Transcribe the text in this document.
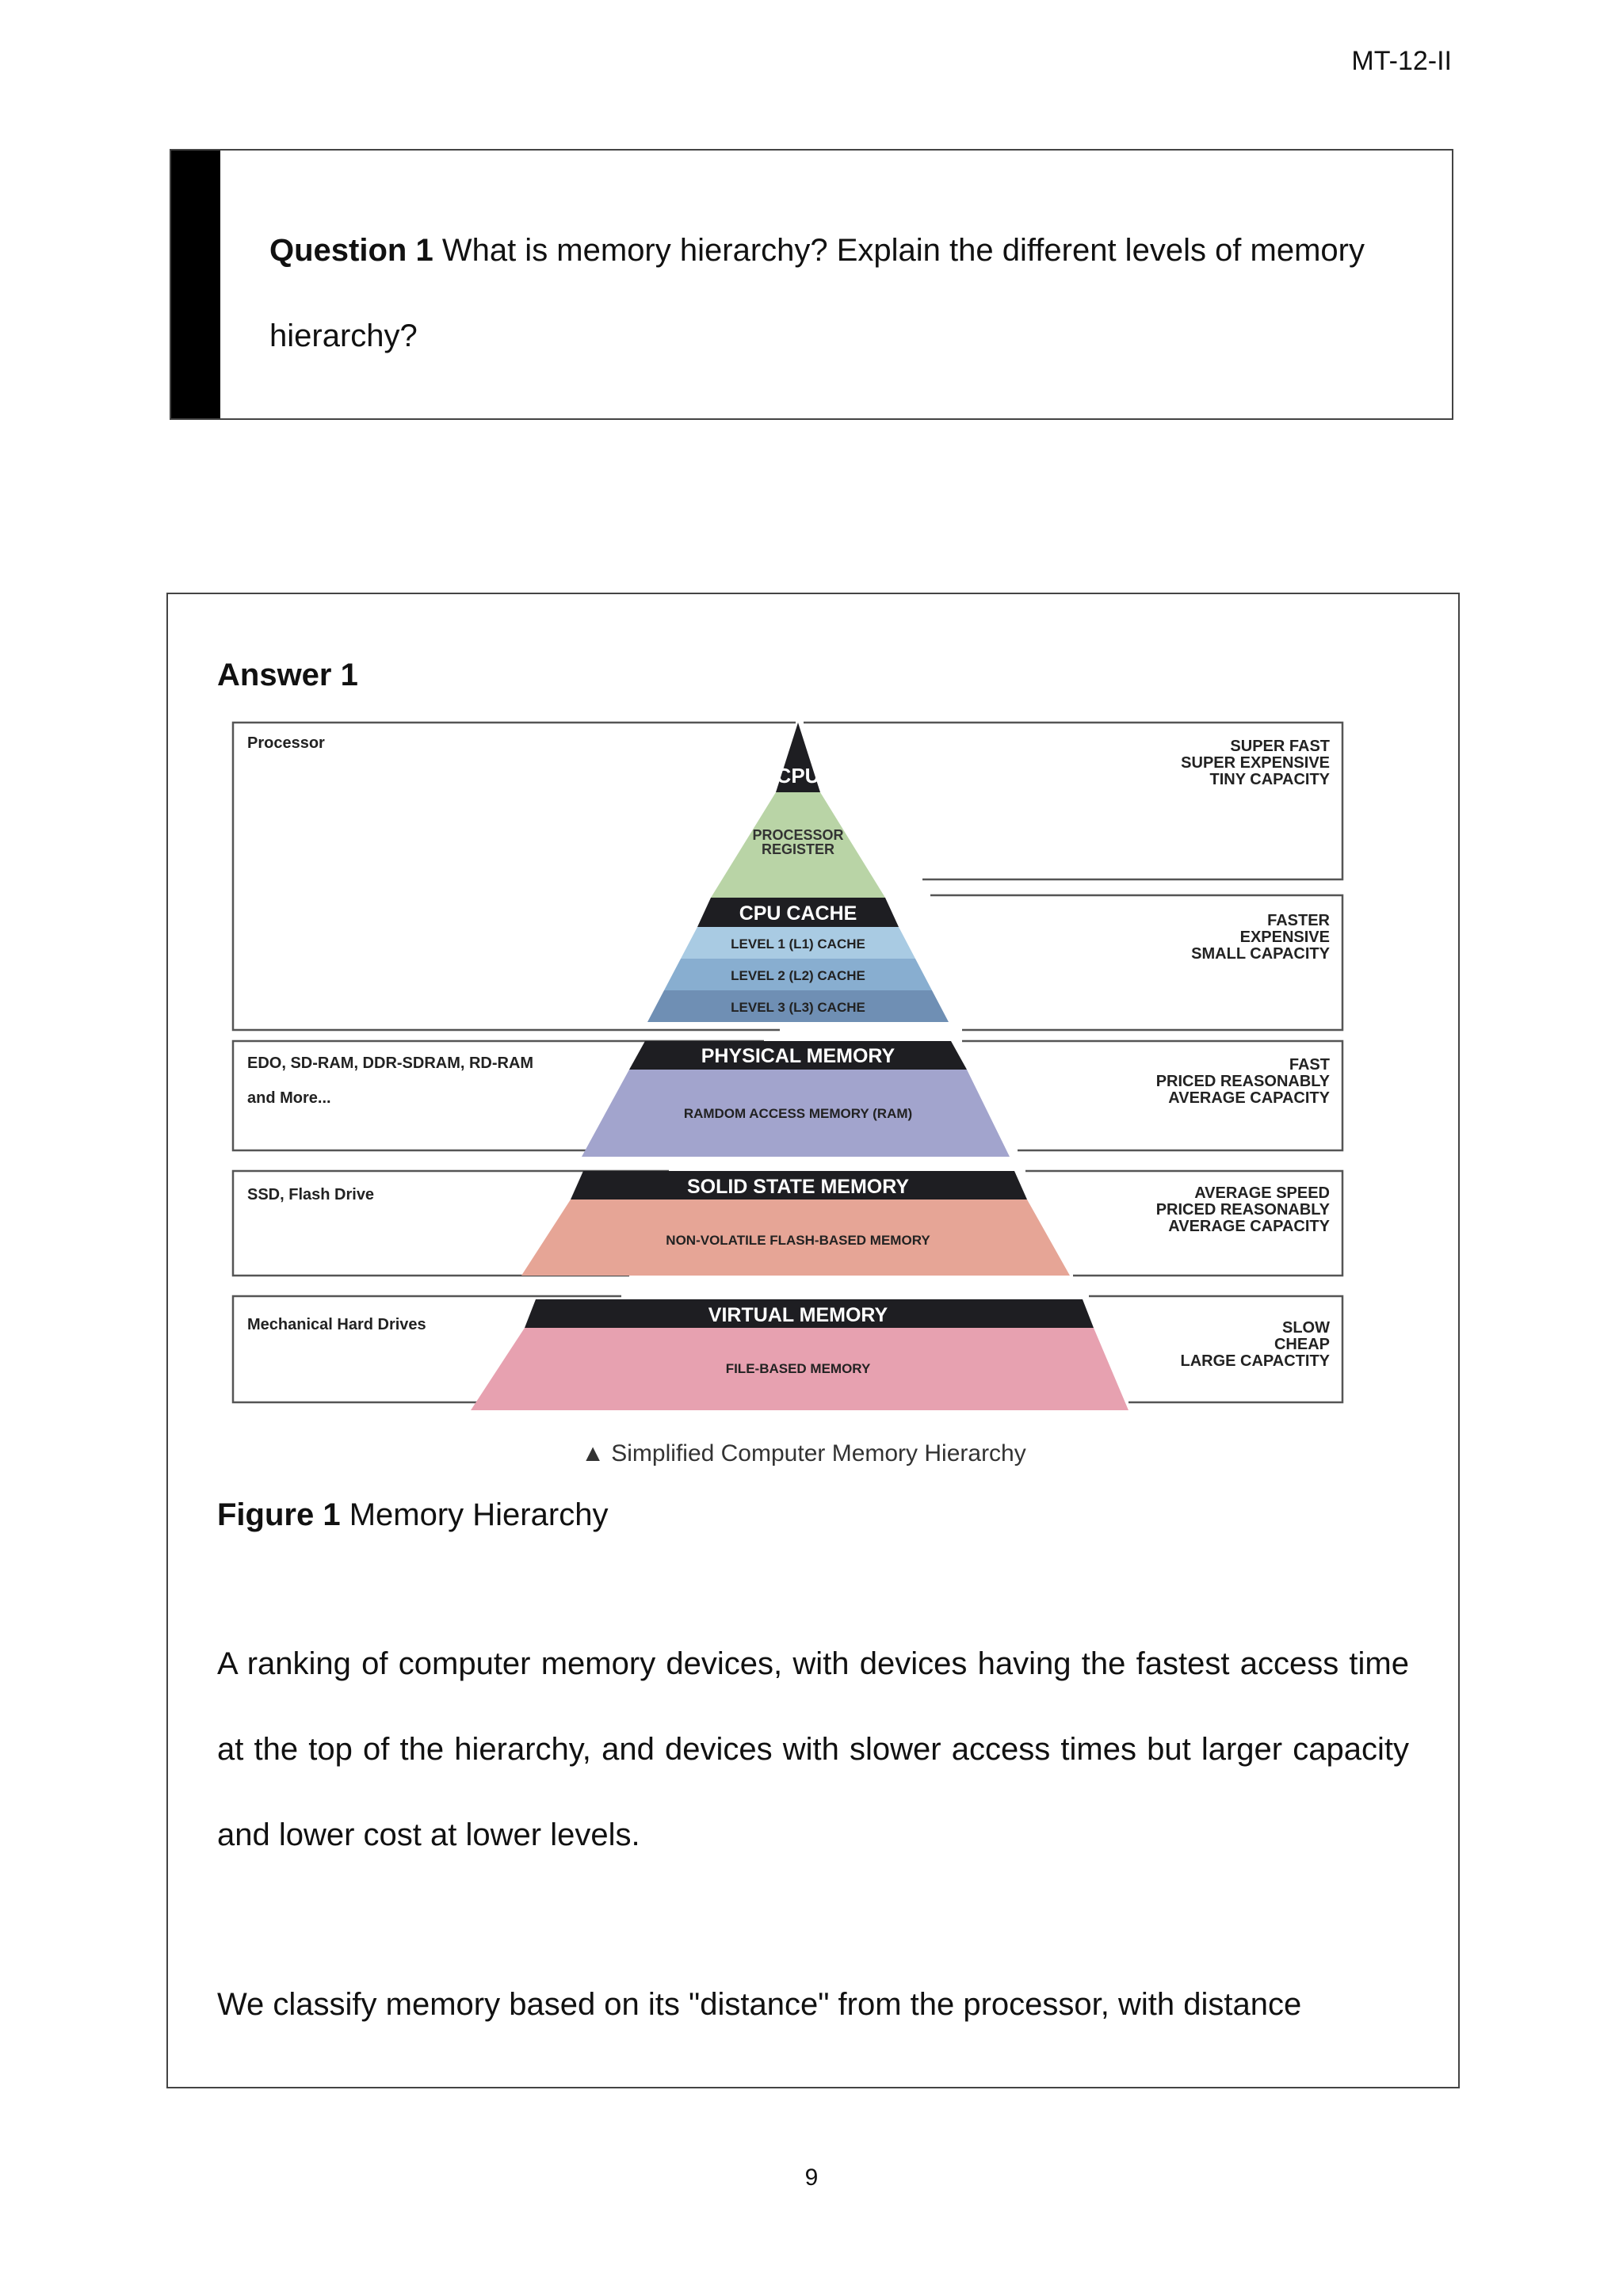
MT-12-II
Question 1 What is memory hierarchy? Explain the different levels of memory hierarchy?
Answer 1
CPU
PROCESSOR
REGISTER
CPU CACHE
LEVEL 1 (L1) CACHE
LEVEL 2 (L2) CACHE
LEVEL 3 (L3) CACHE
PHYSICAL MEMORY
RAMDOM ACCESS MEMORY (RAM)
SOLID STATE MEMORY
NON-VOLATILE FLASH-BASED MEMORY
VIRTUAL MEMORY
FILE-BASED MEMORY
Processor
EDO, SD-RAM, DDR-SDRAM, RD-RAM
and More...
SSD, Flash Drive
Mechanical Hard Drives
SUPER FAST
SUPER EXPENSIVE
TINY CAPACITY
FASTER
EXPENSIVE
SMALL CAPACITY
FAST
PRICED REASONABLY
AVERAGE CAPACITY
AVERAGE SPEED
PRICED REASONABLY
AVERAGE CAPACITY
SLOW
CHEAP
LARGE CAPACTITY
▲ Simplified Computer Memory Hierarchy
Figure 1 Memory Hierarchy
A ranking of computer memory devices, with devices having the fastest access time at the top of the hierarchy, and devices with slower access times but larger capacity and lower cost at lower levels.
We classify memory based on its "distance" from the processor, with distance
9
